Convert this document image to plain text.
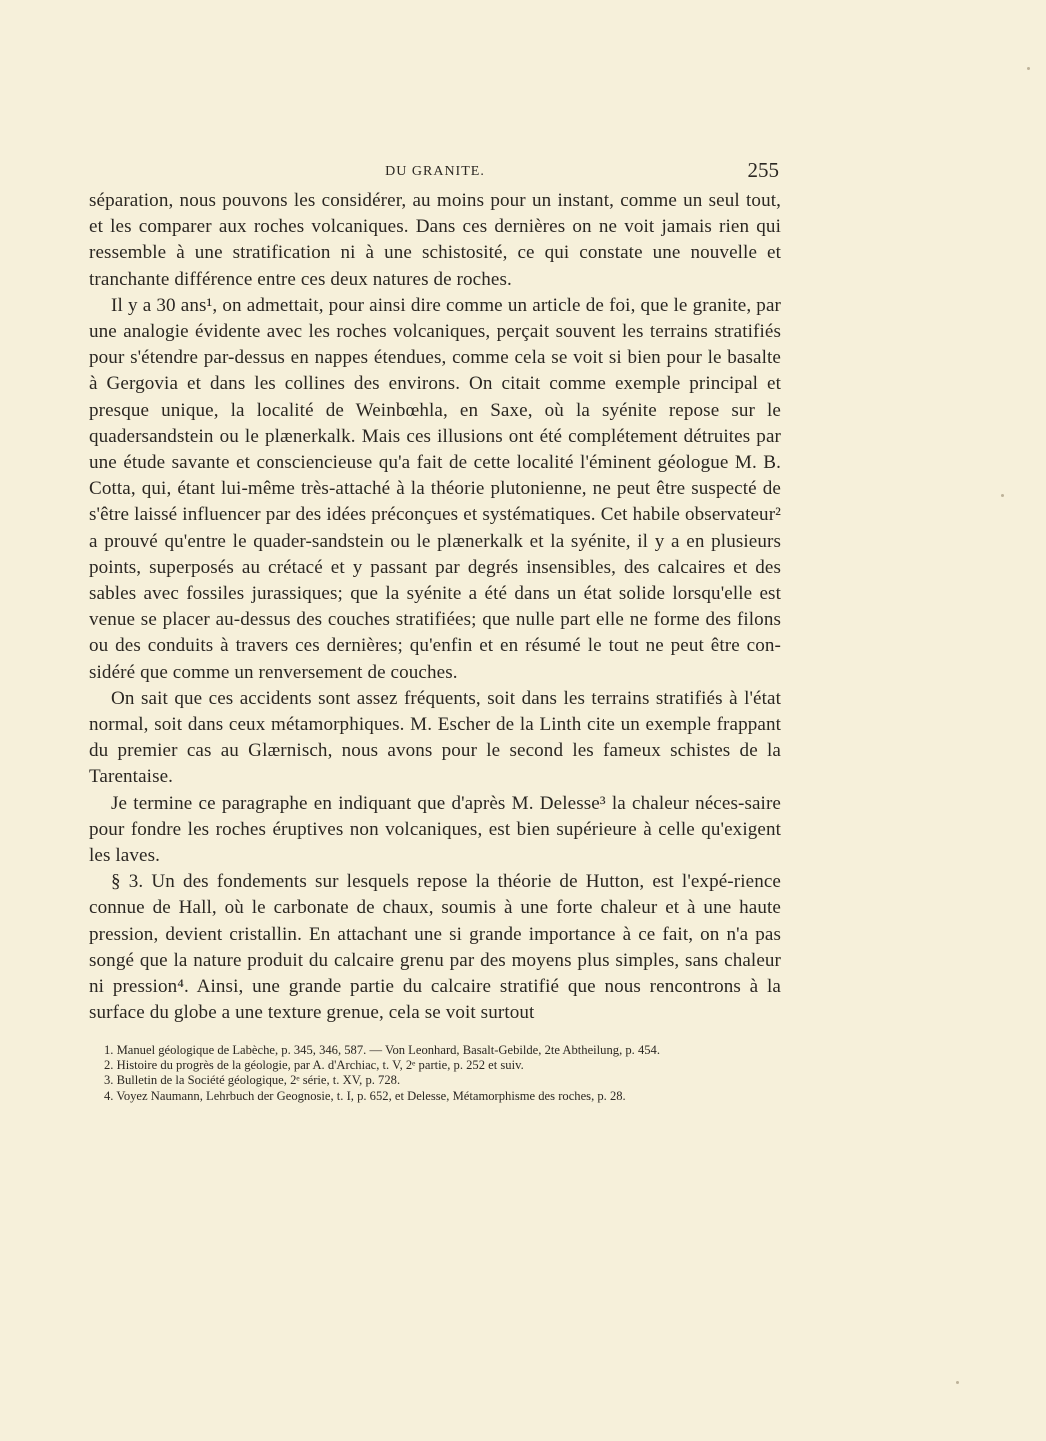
DU GRANITE.	255

séparation, nous pouvons les considérer, au moins pour un instant, comme un seul tout, et les comparer aux roches volcaniques. Dans ces dernières on ne voit jamais rien qui ressemble à une stratification ni à une schistosité, ce qui constate une nouvelle et tranchante différence entre ces deux natures de roches.

Il y a 30 ans¹, on admettait, pour ainsi dire comme un article de foi, que le granite, par une analogie évidente avec les roches volcaniques, perçait souvent les terrains stratifiés pour s'étendre par-dessus en nappes étendues, comme cela se voit si bien pour le basalte à Gergovia et dans les collines des environs. On citait comme exemple principal et presque unique, la localité de Weinbœhla, en Saxe, où la syénite repose sur le quadersandstein ou le plænerkalk. Mais ces illusions ont été complétement détruites par une étude savante et consciencieuse qu'a fait de cette localité l'éminent géologue M. B. Cotta, qui, étant lui-même très-attaché à la théorie plutonienne, ne peut être suspecté de s'être laissé influencer par des idées préconçues et systématiques. Cet habile observateur² a prouvé qu'entre le quader-sandstein ou le plænerkalk et la syénite, il y a en plusieurs points, superposés au crétacé et y passant par degrés insensibles, des calcaires et des sables avec fossiles jurassiques; que la syénite a été dans un état solide lorsqu'elle est venue se placer au-dessus des couches stratifiées; que nulle part elle ne forme des filons ou des conduits à travers ces dernières; qu'enfin et en résumé le tout ne peut être con-sidéré que comme un renversement de couches.

On sait que ces accidents sont assez fréquents, soit dans les terrains stratifiés à l'état normal, soit dans ceux métamorphiques. M. Escher de la Linth cite un exemple frappant du premier cas au Glærnisch, nous avons pour le second les fameux schistes de la Tarentaise.

Je termine ce paragraphe en indiquant que d'après M. Delesse³ la chaleur néces-saire pour fondre les roches éruptives non volcaniques, est bien supérieure à celle qu'exigent les laves.

§ 3. Un des fondements sur lesquels repose la théorie de Hutton, est l'expé-rience connue de Hall, où le carbonate de chaux, soumis à une forte chaleur et à une haute pression, devient cristallin. En attachant une si grande importance à ce fait, on n'a pas songé que la nature produit du calcaire grenu par des moyens plus simples, sans chaleur ni pression⁴. Ainsi, une grande partie du calcaire stratifié que nous rencontrons à la surface du globe a une texture grenue, cela se voit surtout

1. Manuel géologique de Labèche, p. 345, 346, 587. — Von Leonhard, Basalt-Gebilde, 2te Abtheilung, p. 454.

2. Histoire du progrès de la géologie, par A. d'Archiac, t. V, 2ᵉ partie, p. 252 et suiv.

3. Bulletin de la Société géologique, 2ᵉ série, t. XV, p. 728.

4. Voyez Naumann, Lehrbuch der Geognosie, t. I, p. 652, et Delesse, Métamorphisme des roches, p. 28.
